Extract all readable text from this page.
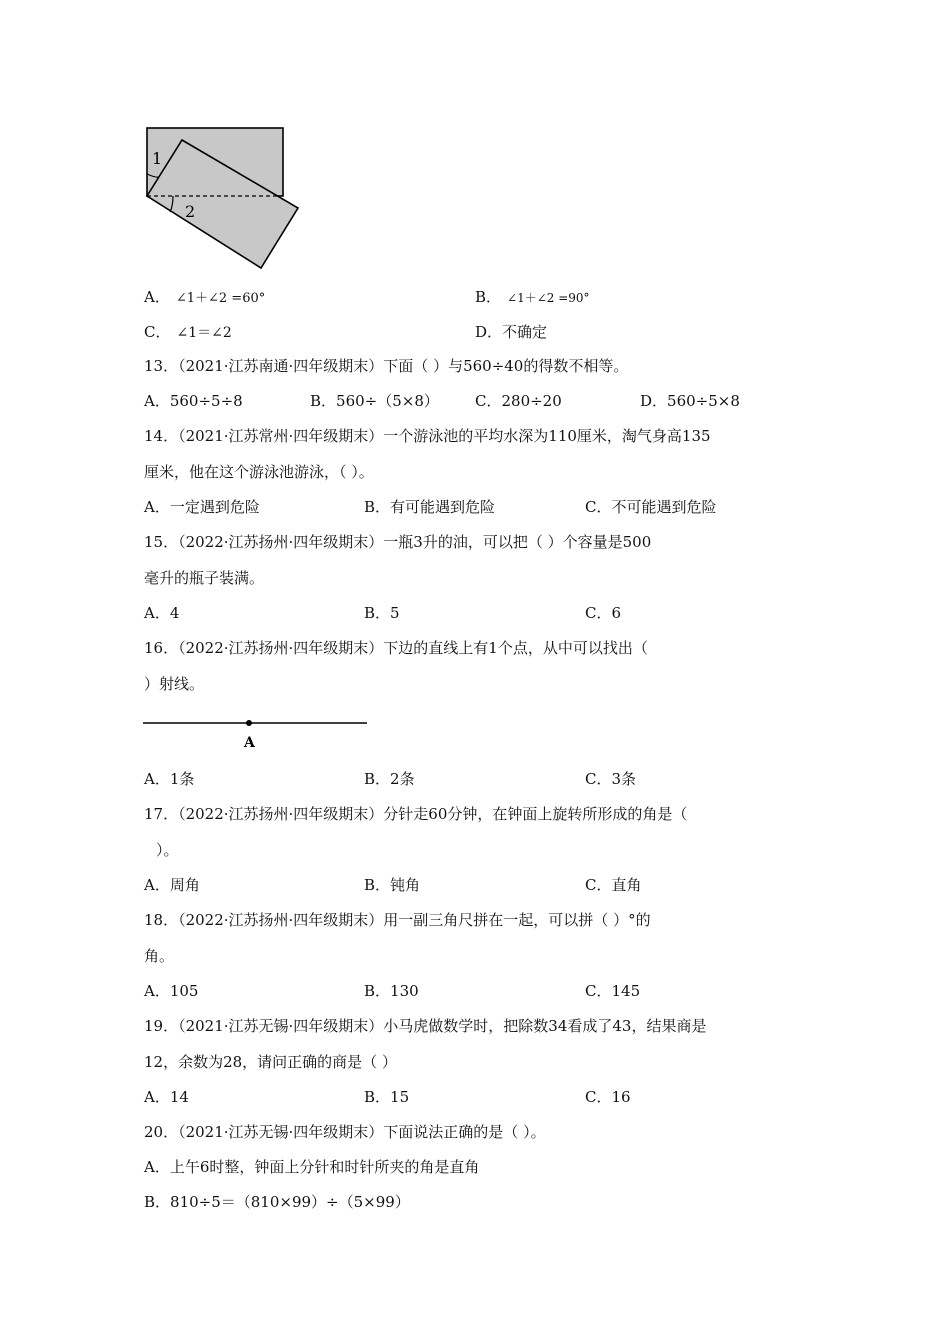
1
2
A． ∠1＋∠2 =60°	B． ∠1＋∠2 =90°
C． ∠1＝∠2	D．不确定
13．（2021·江苏南通·四年级期末）下面（ ）与560÷40的得数不相等。
A．560÷5÷8	B．560÷（5×8） C．280÷20	D．560÷5×8
14．（2021·江苏常州·四年级期末）一个游泳池的平均水深为110厘米，淘气身高135
厘米，他在这个游泳池游泳，（ ）。
A．一定遇到危险	B．有可能遇到危险	C．不可能遇到危险
15．（2022·江苏扬州·四年级期末）一瓶3升的油，可以把（ ）个容量是500
毫升的瓶子装满。
A．4	B．5	C．6
16．（2022·江苏扬州·四年级期末）下边的直线上有1个点，从中可以找出（
）射线。
A
A．1条	B．2条	C．3条
17．（2022·江苏扬州·四年级期末）分针走60分钟，在钟面上旋转所形成的角是（
）。
A．周角	B．钝角	C．直角
18．（2022·江苏扬州·四年级期末）用一副三角尺拼在一起，可以拼（ ）°的
角。
A．105	B．130	C．145
19．（2021·江苏无锡·四年级期末）小马虎做数学时，把除数34看成了43，结果商是
12，余数为28，请问正确的商是（ ）
A．14	B．15	C．16
20．（2021·江苏无锡·四年级期末）下面说法正确的是（ ）。
A．上午6时整，钟面上分针和时针所夹的角是直角
B．810÷5＝（810×99）÷（5×99）
